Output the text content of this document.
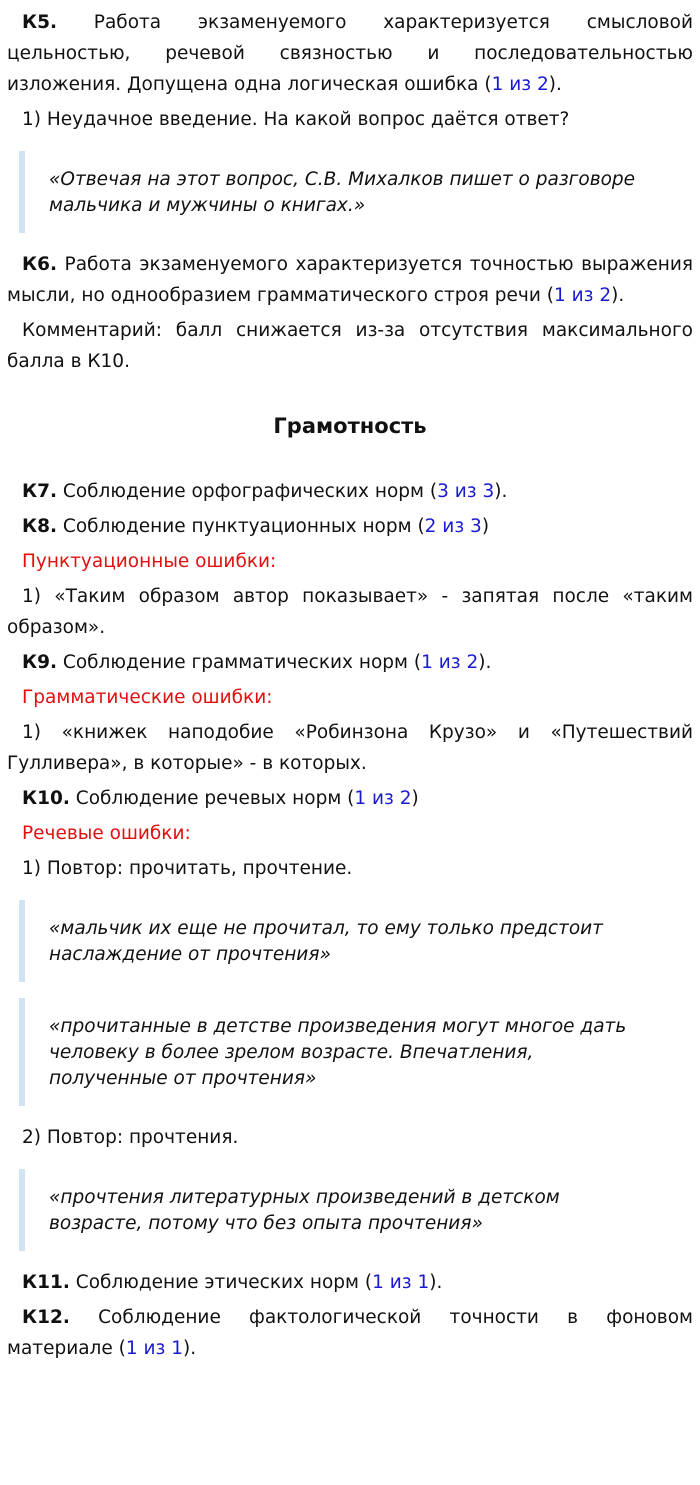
К5. Работа экзаменуемого характеризуется смысловой цельностью, речевой связностью и последовательностью изложения. Допущена одна логическая ошибка (1 из 2).

1) Неудачное введение. На какой вопрос даётся ответ?

«Отвечая на этот вопрос, С.В. Михалков пишет о разговоре мальчика и мужчины о книгах.»

К6. Работа экзаменуемого характеризуется точностью выражения мысли, но однообразием грамматического строя речи (1 из 2).

Комментарий: балл снижается из-за отсутствия максимального балла в К10.

Грамотность

К7. Соблюдение орфографических норм (3 из 3).

К8. Соблюдение пунктуационных норм (2 из 3)

Пунктуационные ошибки:

1) «Таким образом автор показывает» - запятая после «таким образом».

К9. Соблюдение грамматических норм (1 из 2).

Грамматические ошибки:

1) «книжек наподобие «Робинзона Крузо» и «Путешествий Гулливера», в которые» - в которых.

К10. Соблюдение речевых норм (1 из 2)

Речевые ошибки:

1) Повтор: прочитать, прочтение.

«мальчик их еще не прочитал, то ему только предстоит наслаждение от прочтения»
«прочитанные в детстве произведения могут многое дать человеку в более зрелом возрасте. Впечатления, полученные от прочтения»

2) Повтор: прочтения.

«прочтения литературных произведений в детском возрасте, потому что без опыта прочтения»

К11. Соблюдение этических норм (1 из 1).

К12. Соблюдение фактологической точности в фоновом материале (1 из 1).
